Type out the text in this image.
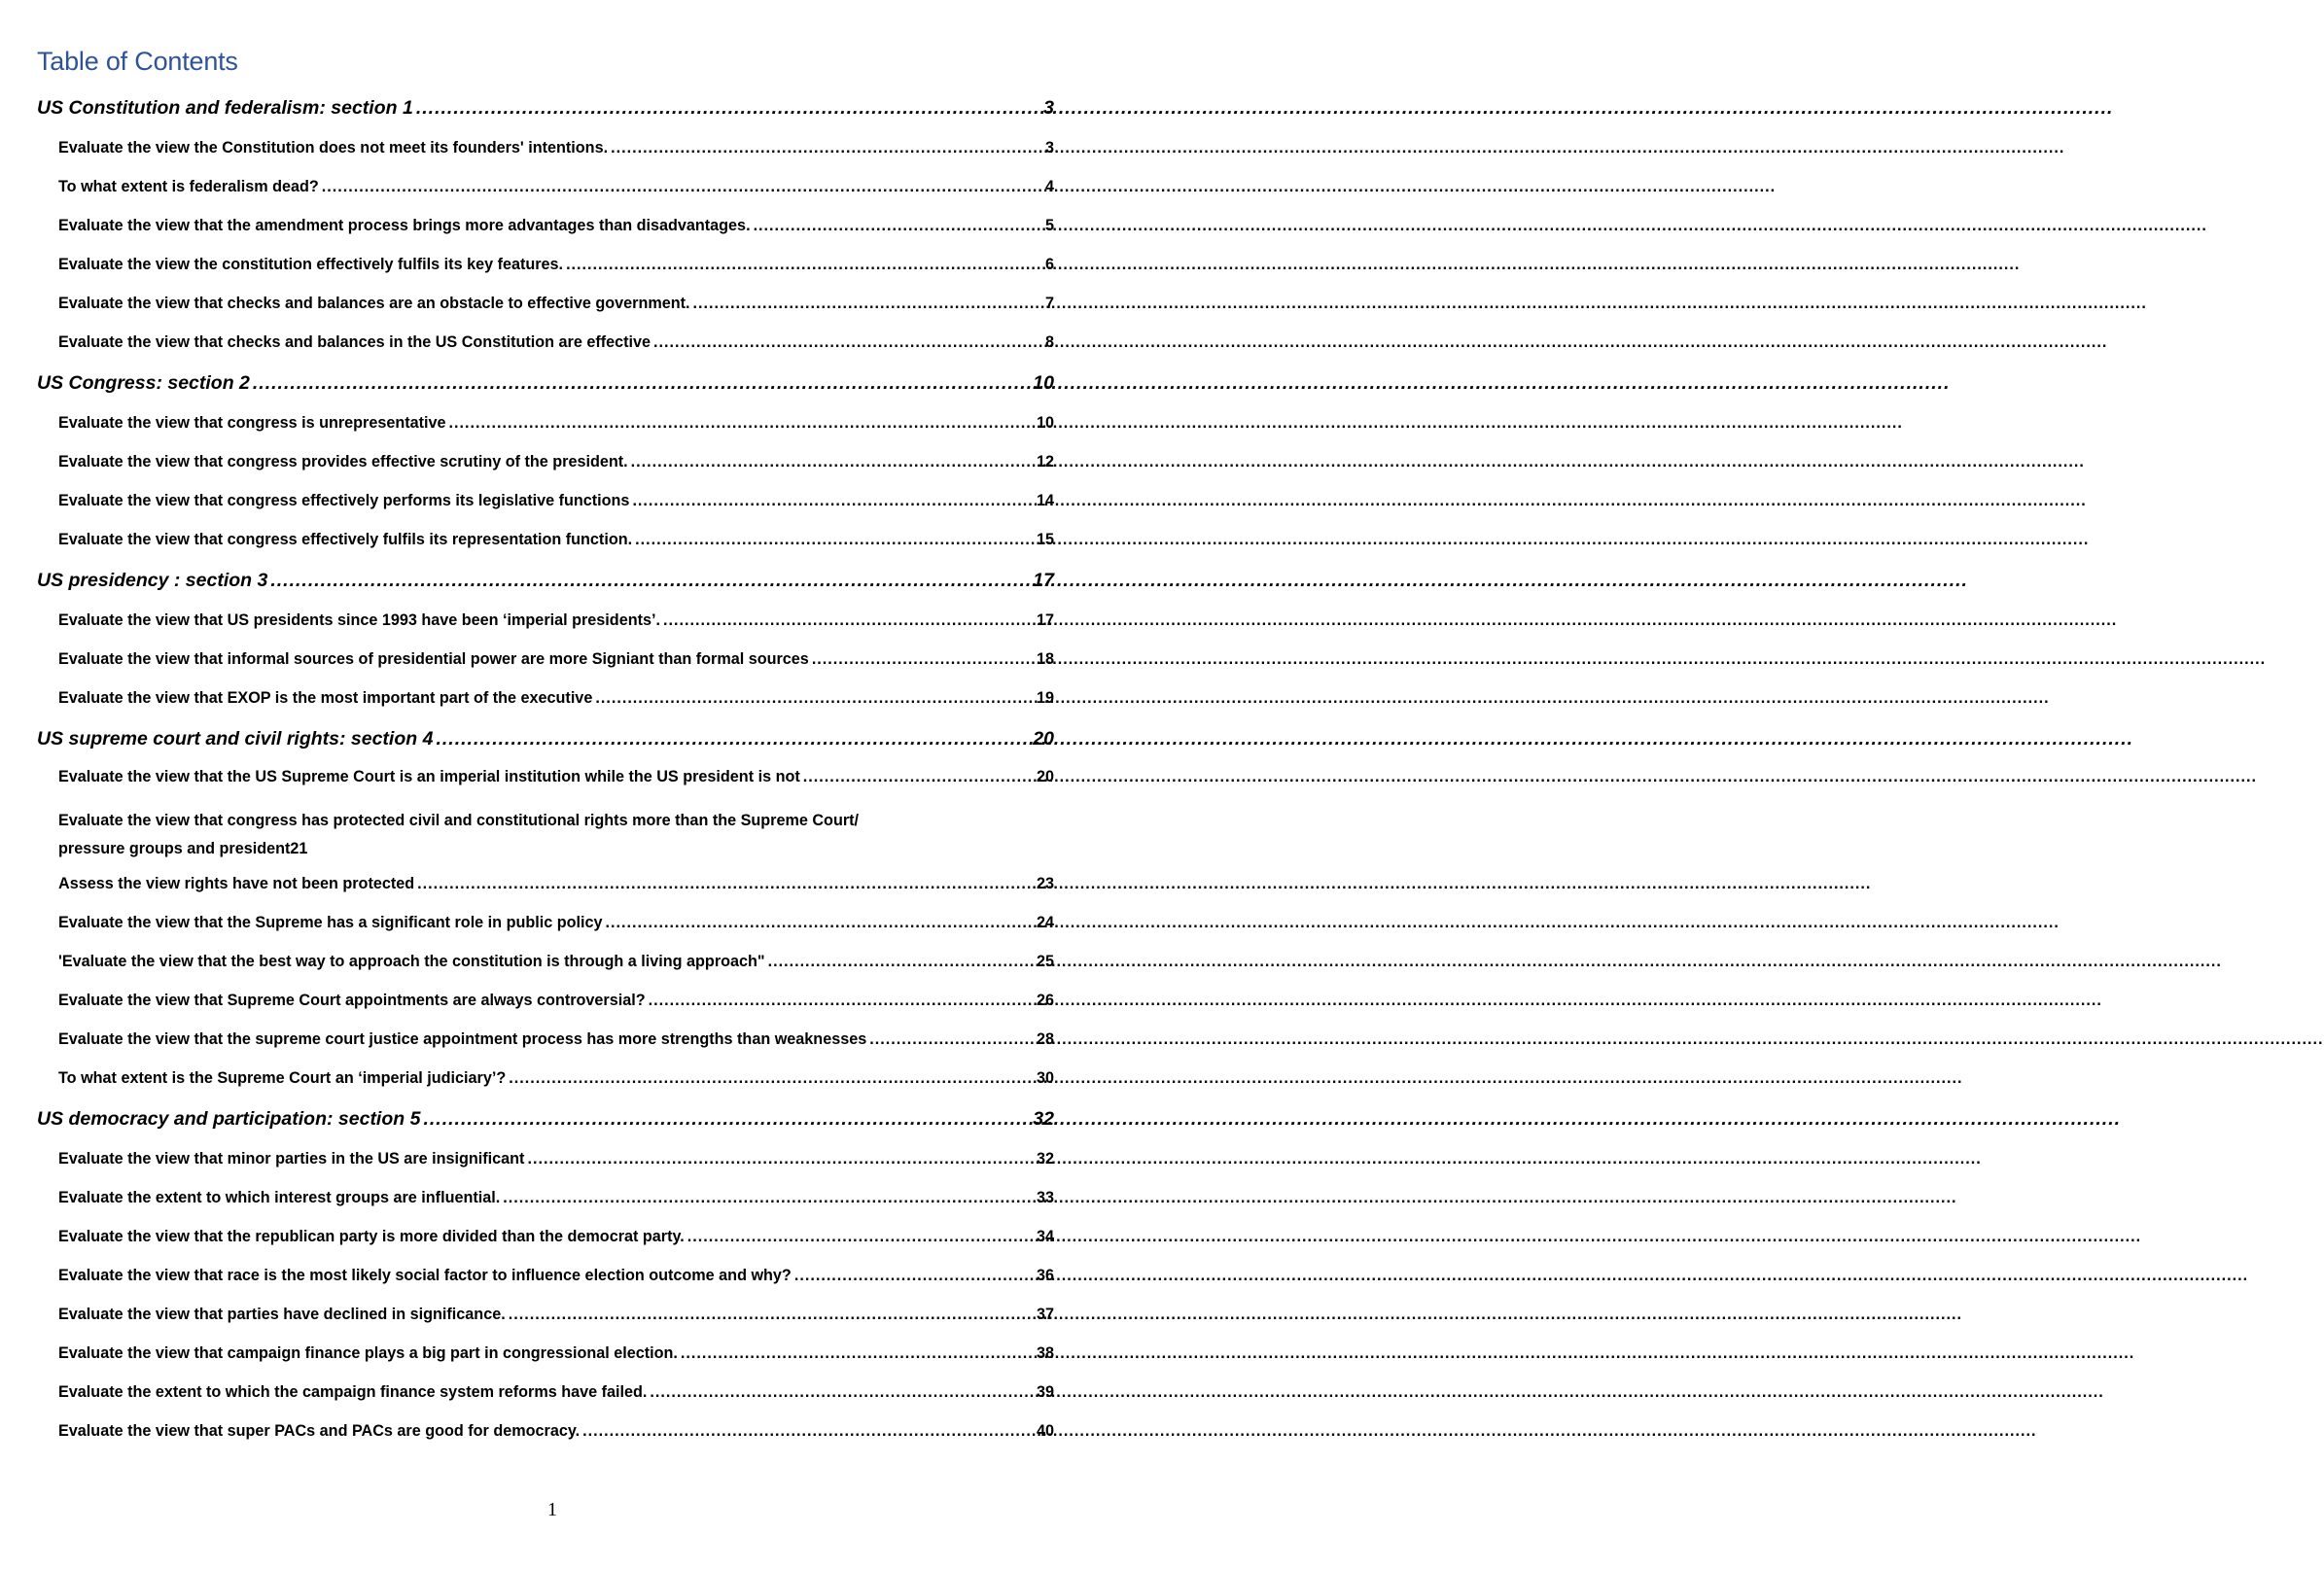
Table of Contents
US Constitution and federalism: section 1 .....	3
Evaluate the view the Constitution does not meet its founders' intentions. .....	3
To what extent is federalism dead? .....	4
Evaluate the view that the amendment process brings more advantages than disadvantages. .....	5
Evaluate the view the constitution effectively fulfils its key features. .....	6
Evaluate the view that checks and balances are an obstacle to effective government. .....	7
Evaluate the view that checks and balances in the US Constitution are effective .....	8
US Congress: section 2 .....	10
Evaluate the view that congress is unrepresentative .....	10
Evaluate the view that congress provides effective scrutiny of the president. .....	12
Evaluate the view that congress effectively performs its legislative functions .....	14
Evaluate the view that congress effectively fulfils its representation function. .....	15
US presidency : section 3 .....	17
Evaluate the view that US presidents since 1993 have been ‘imperial presidents’. .....	17
Evaluate the view that informal sources of presidential power are more Signiant than formal sources .....	18
Evaluate the view that EXOP is the most important part of the executive .....	19
US supreme court and civil rights: section 4 .....	20
Evaluate the view that the US Supreme Court is an imperial institution while the US president is not .....	20
Evaluate the view that congress has protected civil and constitutional rights more than the Supreme Court/
pressure groups and president 21
Assess the view rights have not been protected .....	23
Evaluate the view that the Supreme has a significant role in public policy .....	24
'Evaluate the view that the best way to approach the constitution is through a living approach" .....	25
Evaluate the view that Supreme Court appointments are always controversial? .....	26
Evaluate the view that the supreme court justice appointment process has more strengths than weaknesses .....	28
To what extent is the Supreme Court an ‘imperial judiciary’? .....	30
US democracy and participation: section 5 .....	32
Evaluate the view that minor parties in the US are insignificant .....	32
Evaluate the extent to which interest groups are influential. .....	33
Evaluate the view that the republican party is more divided than the democrat party. .....	34
Evaluate the view that race is the most likely social factor to influence election outcome and why? .....	36
Evaluate the view that parties have declined in significance. .....	37
Evaluate the view that campaign finance plays a big part in congressional election. .....	38
Evaluate the extent to which the campaign finance system reforms have failed. .....	39
Evaluate the view that super PACs and PACs are good for democracy. .....	40
1
